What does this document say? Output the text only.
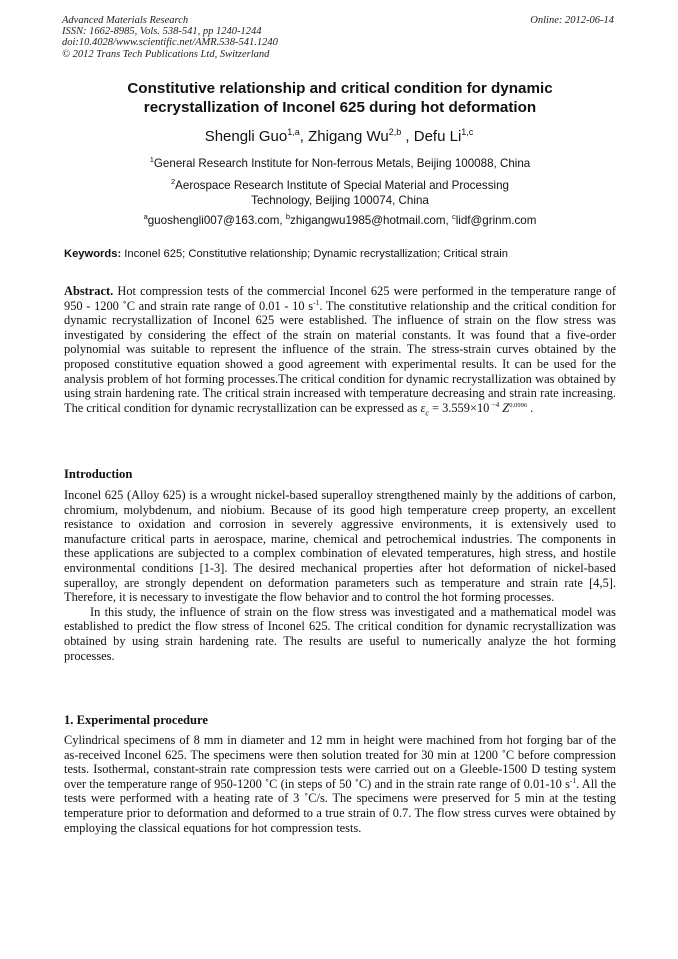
Advanced Materials Research
ISSN: 1662-8985, Vols. 538-541, pp 1240-1244
doi:10.4028/www.scientific.net/AMR.538-541.1240
© 2012 Trans Tech Publications Ltd, Switzerland
Online: 2012-06-14
Constitutive relationship and critical condition for dynamic recrystallization of Inconel 625 during hot deformation
Shengli Guo$^{1,a}$, Zhigang Wu$^{2,b}$ , Defu Li$^{1,c}$
$^1$General Research Institute for Non-ferrous Metals, Beijing 100088, China
$^2$Aerospace Research Institute of Special Material and Processing Technology, Beijing 100074, China
$^a$guoshengli007@163.com, $^b$zhigangwu1985@hotmail.com, $^c$lidf@grinm.com
Keywords: Inconel 625; Constitutive relationship; Dynamic recrystallization; Critical strain

Abstract. Hot compression tests of the commercial Inconel 625 were performed in the temperature range of 950 - 1200 ˚C and strain rate range of 0.01 - 10 $s^{-1}$. The constitutive relationship and the critical condition for dynamic recrystallization of Inconel 625 were established. The influence of strain on the flow stress was investigated by considering the effect of the strain on material constants. It was found that a five-order polynomial was suitable to represent the influence of the strain. The stress-strain curves obtained by the proposed constitutive equation showed a good agreement with experimental results. It can be used for the analysis problem of hot forming processes.The critical condition for dynamic recrystallization was obtained by using strain hardening rate. The critical strain increased with temperature decreasing and strain rate increasing. The critical condition for dynamic recrystallization can be expressed as $\varepsilon_c = 3.559\times 10$ $^{-4}$ $Z^{0.0996}$ .

Introduction

Inconel 625 (Alloy 625) is a wrought nickel-based superalloy strengthened mainly by the additions of carbon, chromium, molybdenum, and niobium. Because of its good high temperature creep property, an excellent resistance to oxidation and corrosion in severely aggressive environments, it is extensively used to manufacture critical parts in aerospace, marine, chemical and petrochemical industries. The components in these applications are subjected to a complex combination of elevated temperatures, high stress, and hostile environmental conditions [1-3]. The desired mechanical properties after hot deformation of nickel-based superalloy, are strongly dependent on deformation parameters such as temperature and strain rate [4,5]. Therefore, it is necessary to investigate the flow behavior and to control the hot forming processes.

In this study, the influence of strain on the flow stress was investigated and a mathematical model was established to predict the flow stress of Inconel 625. The critical condition for dynamic recrystallization was obtained by using strain hardening rate. The results are useful to numerically analyze the hot forming processes.

1. Experimental procedure

Cylindrical specimens of 8 mm in diameter and 12 mm in height were machined from hot forging bar of the as-received Inconel 625. The specimens were then solution treated for 30 min at 1200 ˚C before compression tests. Isothermal, constant-strain rate compression tests were carried out on a Gleeble-1500 D testing system over the temperature range of 950-1200 ˚C (in steps of 50 ˚C) and in the strain rate range of 0.01-10 $s^{-1}$. All the tests were performed with a heating rate of 3 ˚C/s. The specimens were preserved for 5 min at the testing temperature prior to deformation and deformed to a true strain of 0.7. The flow stress curves were obtained by employing the classical equations for hot compression tests.
